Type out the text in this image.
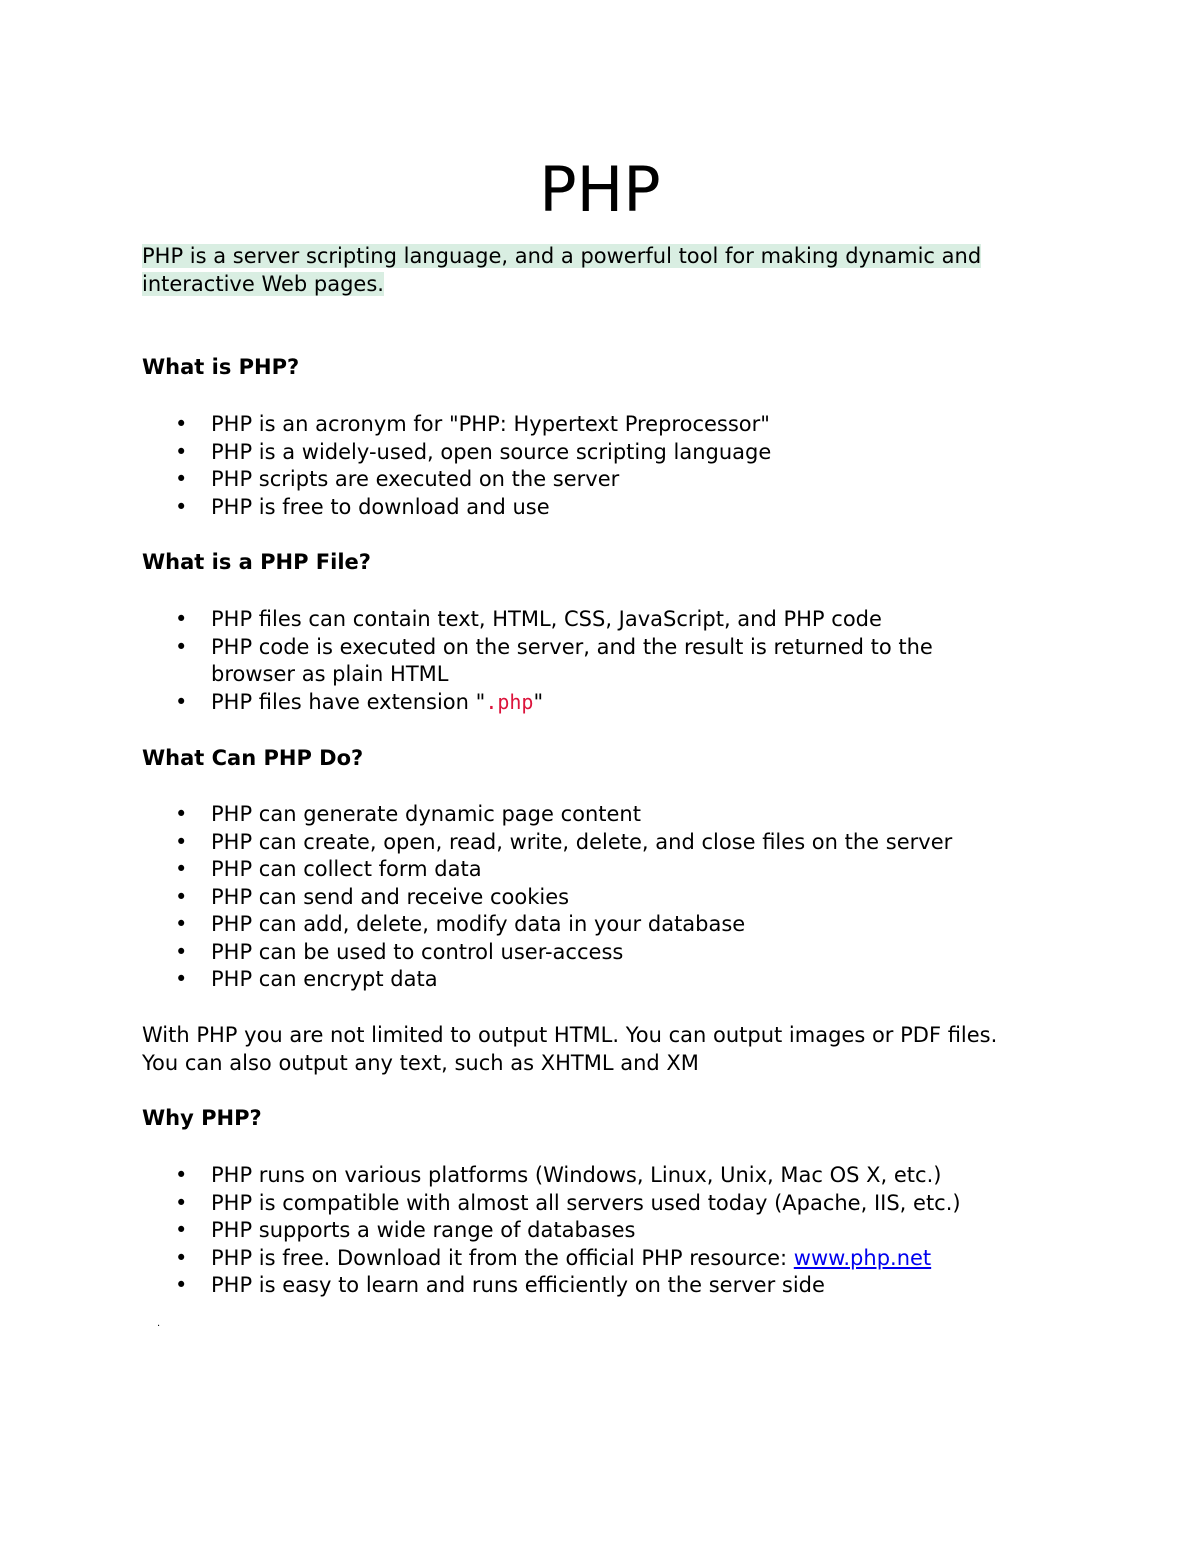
PHP
PHP is a server scripting language, and a powerful tool for making dynamic and interactive Web pages.
What is PHP?
• PHP is an acronym for "PHP: Hypertext Preprocessor"
• PHP is a widely-used, open source scripting language
• PHP scripts are executed on the server
• PHP is free to download and use
What is a PHP File?
• PHP files can contain text, HTML, CSS, JavaScript, and PHP code
• PHP code is executed on the server, and the result is returned to the browser as plain HTML
• PHP files have extension ".php"
What Can PHP Do?
• PHP can generate dynamic page content
• PHP can create, open, read, write, delete, and close files on the server
• PHP can collect form data
• PHP can send and receive cookies
• PHP can add, delete, modify data in your database
• PHP can be used to control user-access
• PHP can encrypt data
With PHP you are not limited to output HTML. You can output images or PDF files. You can also output any text, such as XHTML and XM
Why PHP?
• PHP runs on various platforms (Windows, Linux, Unix, Mac OS X, etc.)
• PHP is compatible with almost all servers used today (Apache, IIS, etc.)
• PHP supports a wide range of databases
• PHP is free. Download it from the official PHP resource: www.php.net
• PHP is easy to learn and runs efficiently on the server side
.
